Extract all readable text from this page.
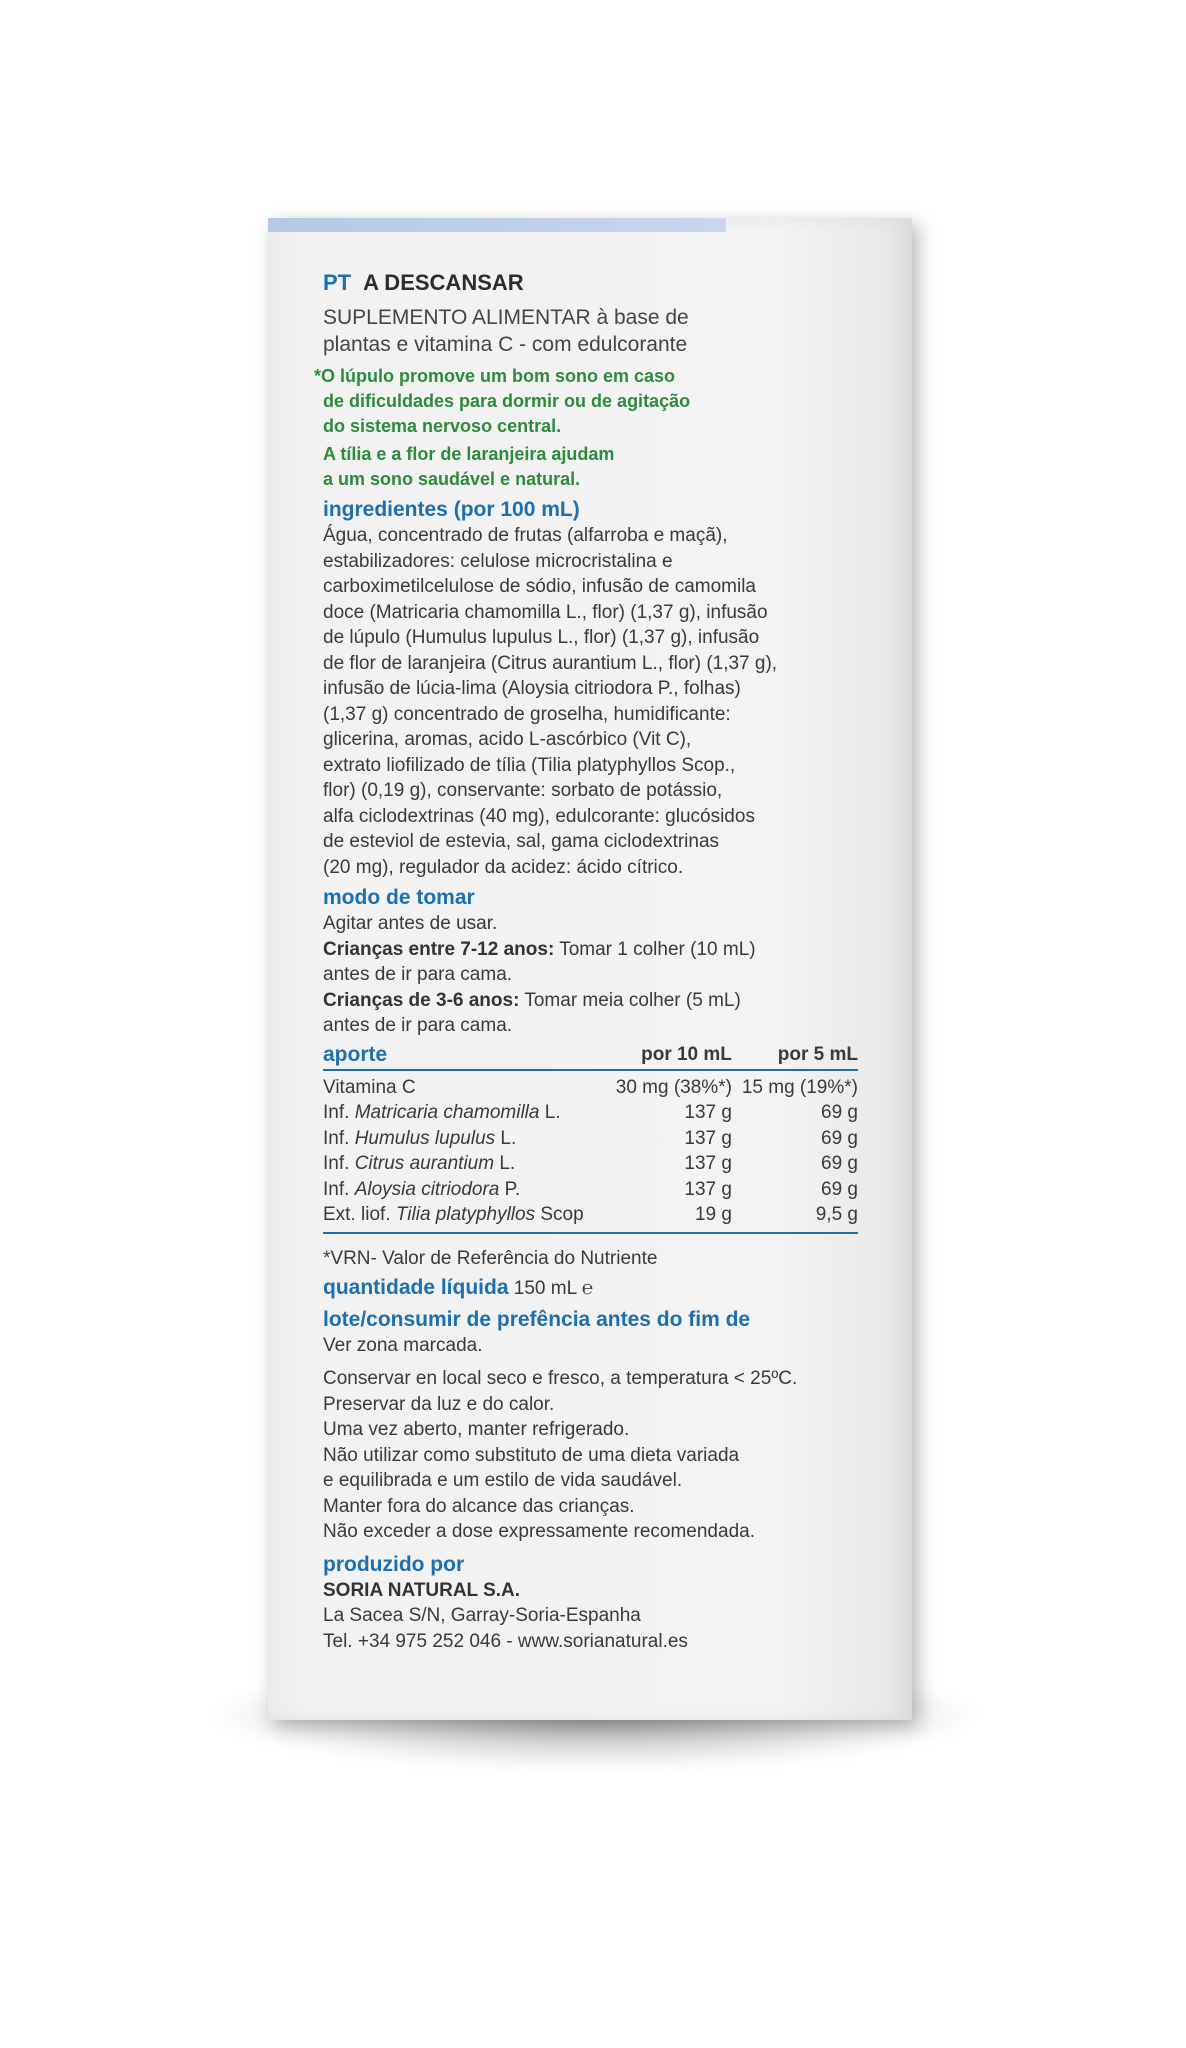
PT A DESCANSAR
SUPLEMENTO ALIMENTAR à base de
plantas e vitamina C - com edulcorante
*O lúpulo promove um bom sono em caso
de dificuldades para dormir ou de agitação
do sistema nervoso central.
A tília e a flor de laranjeira ajudam
a um sono saudável e natural.
ingredientes (por 100 mL)
Água, concentrado de frutas (alfarroba e maçã),
estabilizadores: celulose microcristalina e
carboximetilcelulose de sódio, infusão de camomila
doce (Matricaria chamomilla L., flor) (1,37 g), infusão
de lúpulo (Humulus lupulus L., flor) (1,37 g), infusão
de flor de laranjeira (Citrus aurantium L., flor) (1,37 g),
infusão de lúcia-lima (Aloysia citriodora P., folhas)
(1,37 g) concentrado de groselha, humidificante:
glicerina, aromas, acido L-ascórbico (Vit C),
extrato liofilizado de tília (Tilia platyphyllos Scop.,
flor) (0,19 g), conservante: sorbato de potássio,
alfa ciclodextrinas (40 mg), edulcorante: glucósidos
de esteviol de estevia, sal, gama ciclodextrinas
(20 mg), regulador da acidez: ácido cítrico.
modo de tomar
Agitar antes de usar.
Crianças entre 7-12 anos: Tomar 1 colher (10 mL)
antes de ir para cama.
Crianças de 3-6 anos: Tomar meia colher (5 mL)
antes de ir para cama.
aporte	por 10 mL	por 5 mL
Vitamina C	30 mg (38%*)	15 mg (19%*)
Inf. Matricaria chamomilla L.	137 g	69 g
Inf. Humulus lupulus L.	137 g	69 g
Inf. Citrus aurantium L.	137 g	69 g
Inf. Aloysia citriodora P.	137 g	69 g
Ext. liof. Tilia platyphyllos Scop	19 g	9,5 g
*VRN- Valor de Referência do Nutriente
quantidade líquida 150 mL ℮
lote/consumir de prefência antes do fim de
Ver zona marcada.
Conservar en local seco e fresco, a temperatura < 25ºC.
Preservar da luz e do calor.
Uma vez aberto, manter refrigerado.
Não utilizar como substituto de uma dieta variada
e equilibrada e um estilo de vida saudável.
Manter fora do alcance das crianças.
Não exceder a dose expressamente recomendada.
produzido por
SORIA NATURAL S.A.
La Sacea S/N, Garray-Soria-Espanha
Tel. +34 975 252 046 - www.sorianatural.es
